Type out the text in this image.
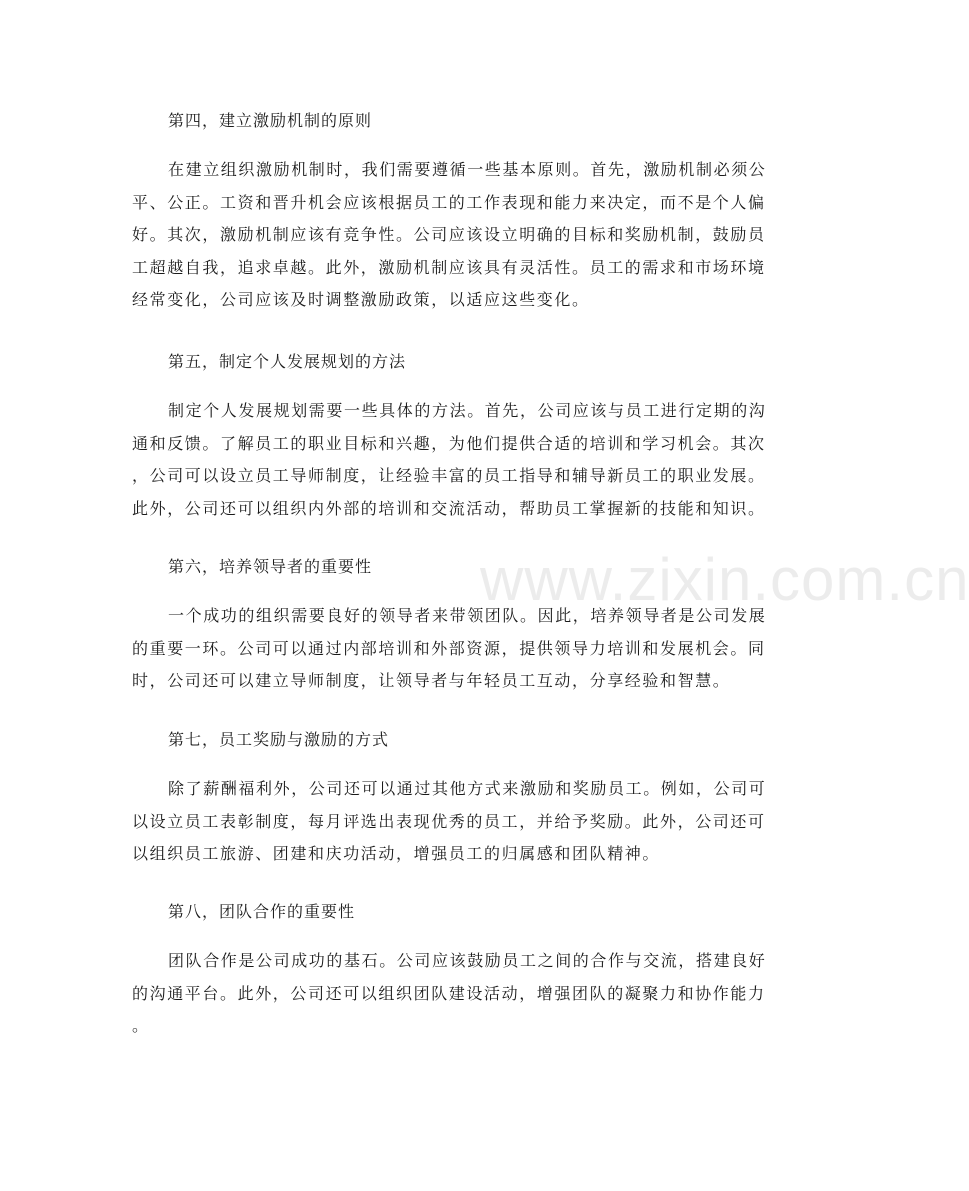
第四，建立激励机制的原则
在建立组织激励机制时，我们需要遵循一些基本原则。首先，激励机制必须公
平、公正。工资和晋升机会应该根据员工的工作表现和能力来决定，而不是个人偏
好。其次，激励机制应该有竞争性。公司应该设立明确的目标和奖励机制，鼓励员
工超越自我，追求卓越。此外，激励机制应该具有灵活性。员工的需求和市场环境
经常变化，公司应该及时调整激励政策，以适应这些变化。
第五，制定个人发展规划的方法
制定个人发展规划需要一些具体的方法。首先，公司应该与员工进行定期的沟
通和反馈。了解员工的职业目标和兴趣，为他们提供合适的培训和学习机会。其次
，公司可以设立员工导师制度，让经验丰富的员工指导和辅导新员工的职业发展。
此外，公司还可以组织内外部的培训和交流活动，帮助员工掌握新的技能和知识。
第六，培养领导者的重要性
一个成功的组织需要良好的领导者来带领团队。因此，培养领导者是公司发展
的重要一环。公司可以通过内部培训和外部资源，提供领导力培训和发展机会。同
时，公司还可以建立导师制度，让领导者与年轻员工互动，分享经验和智慧。
第七，员工奖励与激励的方式
除了薪酬福利外，公司还可以通过其他方式来激励和奖励员工。例如，公司可
以设立员工表彰制度，每月评选出表现优秀的员工，并给予奖励。此外，公司还可
以组织员工旅游、团建和庆功活动，增强员工的归属感和团队精神。
第八，团队合作的重要性
团队合作是公司成功的基石。公司应该鼓励员工之间的合作与交流，搭建良好
的沟通平台。此外，公司还可以组织团队建设活动，增强团队的凝聚力和协作能力
。
www.zixin.com.cn
